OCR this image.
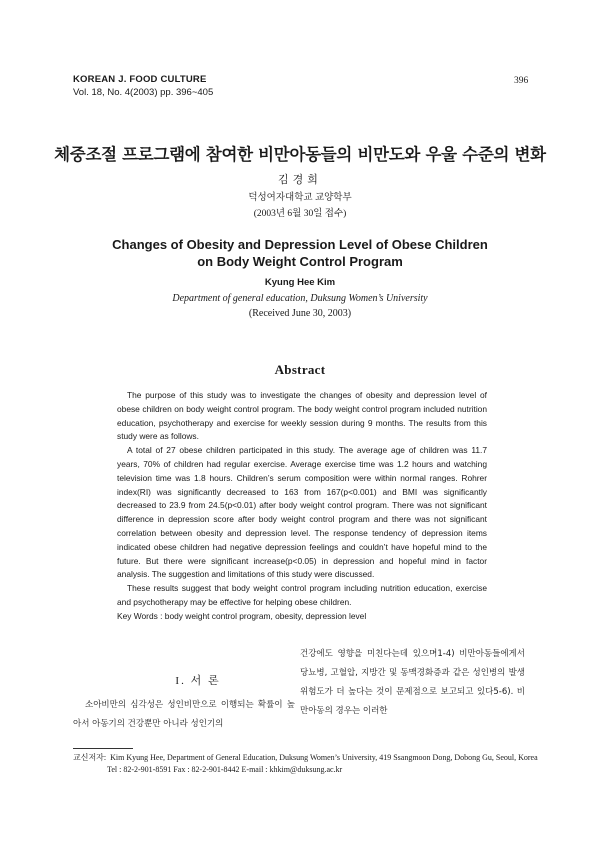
KOREAN J. FOOD CULTURE
Vol. 18, No. 4(2003) pp. 396~405
396
체중조절 프로그램에 참여한 비만아동들의 비만도와 우울 수준의 변화
김경희
덕성여자대학교 교양학부
(2003년 6월 30일 접수)
Changes of Obesity and Depression Level of Obese Children
on Body Weight Control Program
Kyung Hee Kim
Department of general education, Duksung Women’s University
(Received June 30, 2003)
Abstract

The purpose of this study was to investigate the changes of obesity and depression level of obese children on body weight control program. The body weight control program included nutrition education, psychotherapy and exercise for weekly session during 9 months. The results from this study were as follows.

A total of 27 obese children participated in this study. The average age of children was 11.7 years, 70% of children had regular exercise. Average exercise time was 1.2 hours and watching television time was 1.8 hours. Children’s serum composition were within normal ranges. Rohrer index(RI) was significantly decreased to 163 from 167(p<0.001) and BMI was significantly decreased to 23.9 from 24.5(p<0.01) after body weight control program. There was not significant difference in depression score after body weight control program and there was not significant correlation between obesity and depression level. The response tendency of depression items indicated obese children had negative depression feelings and couldn’t have hopeful mind to the future. But there were significant increase(p<0.05) in depression and hopeful mind in factor analysis. The suggestion and limitations of this study were discussed.

These results suggest that body weight control program including nutrition education, exercise and psychotherapy may be effective for helping obese children.

Key Words : body weight control program, obesity, depression level

I. 서 론

소아비만의 심각성은 성인비만으로 이행되는 확률이 높아서 아동기의 건강뿐만 아니라 성인기의

건강에도 영향을 미친다는데 있으며1-4) 비만아동들에게서 당뇨병, 고혈압, 지방간 및 동맥경화증과 같은 성인병의 발생 위험도가 더 높다는 것이 문제점으로 보고되고 있다5-6). 비만아동의 경우는 이러한

교신저자: Kim Kyung Hee, Department of General Education, Duksung Women’s University, 419 Ssangmoon Dong, Dobong Gu, Seoul, Korea
Tel : 82-2-901-8591 Fax : 82-2-901-8442 E-mail : khkim@duksung.ac.kr
